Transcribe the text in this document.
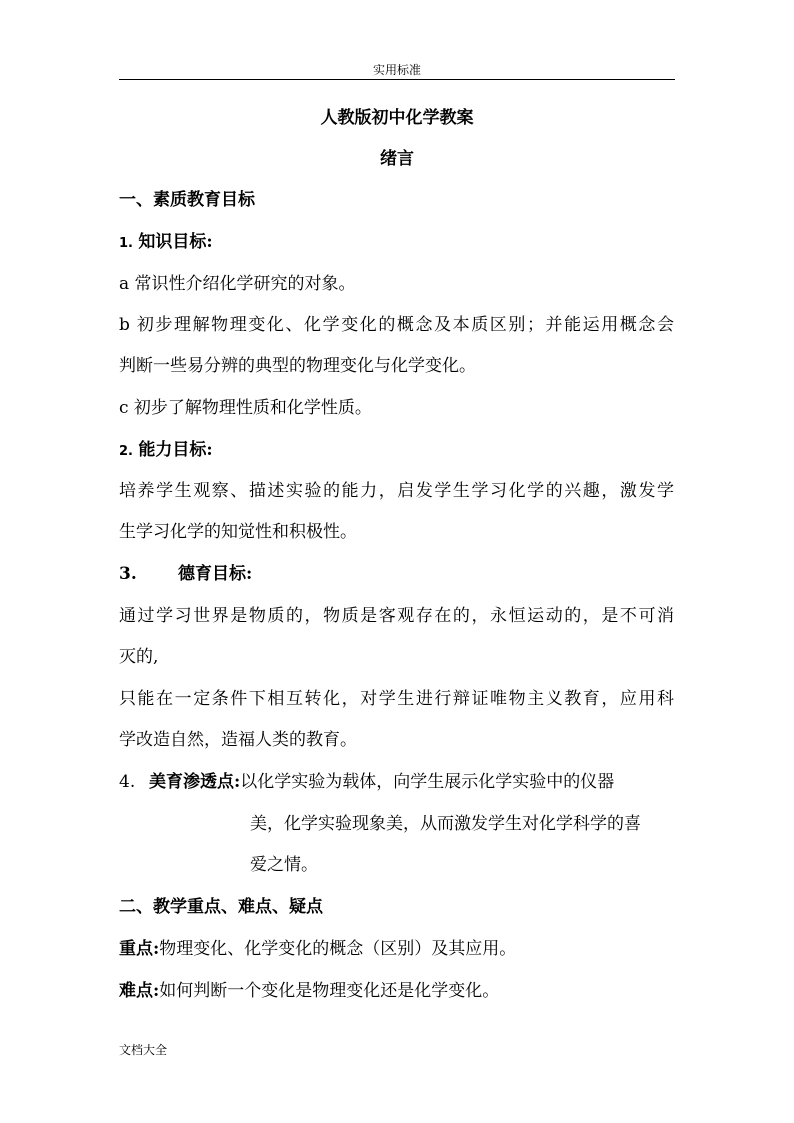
实用标准
人教版初中化学教案
绪言
一、素质教育目标
1. 知识目标:
a 常识性介绍化学研究的对象。
b 初步理解物理变化、化学变化的概念及本质区别；并能运用概念会
判断一些易分辨的典型的物理变化与化学变化。
c 初步了解物理性质和化学性质。
2. 能力目标:
培养学生观察、描述实验的能力，启发学生学习化学的兴趣，激发学
生学习化学的知觉性和积极性。
3. 德育目标:
通过学习世界是物质的，物质是客观存在的，永恒运动的，是不可消
灭的,
只能在一定条件下相互转化，对学生进行辩证唯物主义教育，应用科
学改造自然，造福人类的教育。
4. 美育渗透点:以化学实验为载体，向学生展示化学实验中的仪器
美，化学实验现象美，从而激发学生对化学科学的喜
爱之情。
二、教学重点、难点、疑点
重点:物理变化、化学变化的概念（区别）及其应用。
难点:如何判断一个变化是物理变化还是化学变化。
文档大全
